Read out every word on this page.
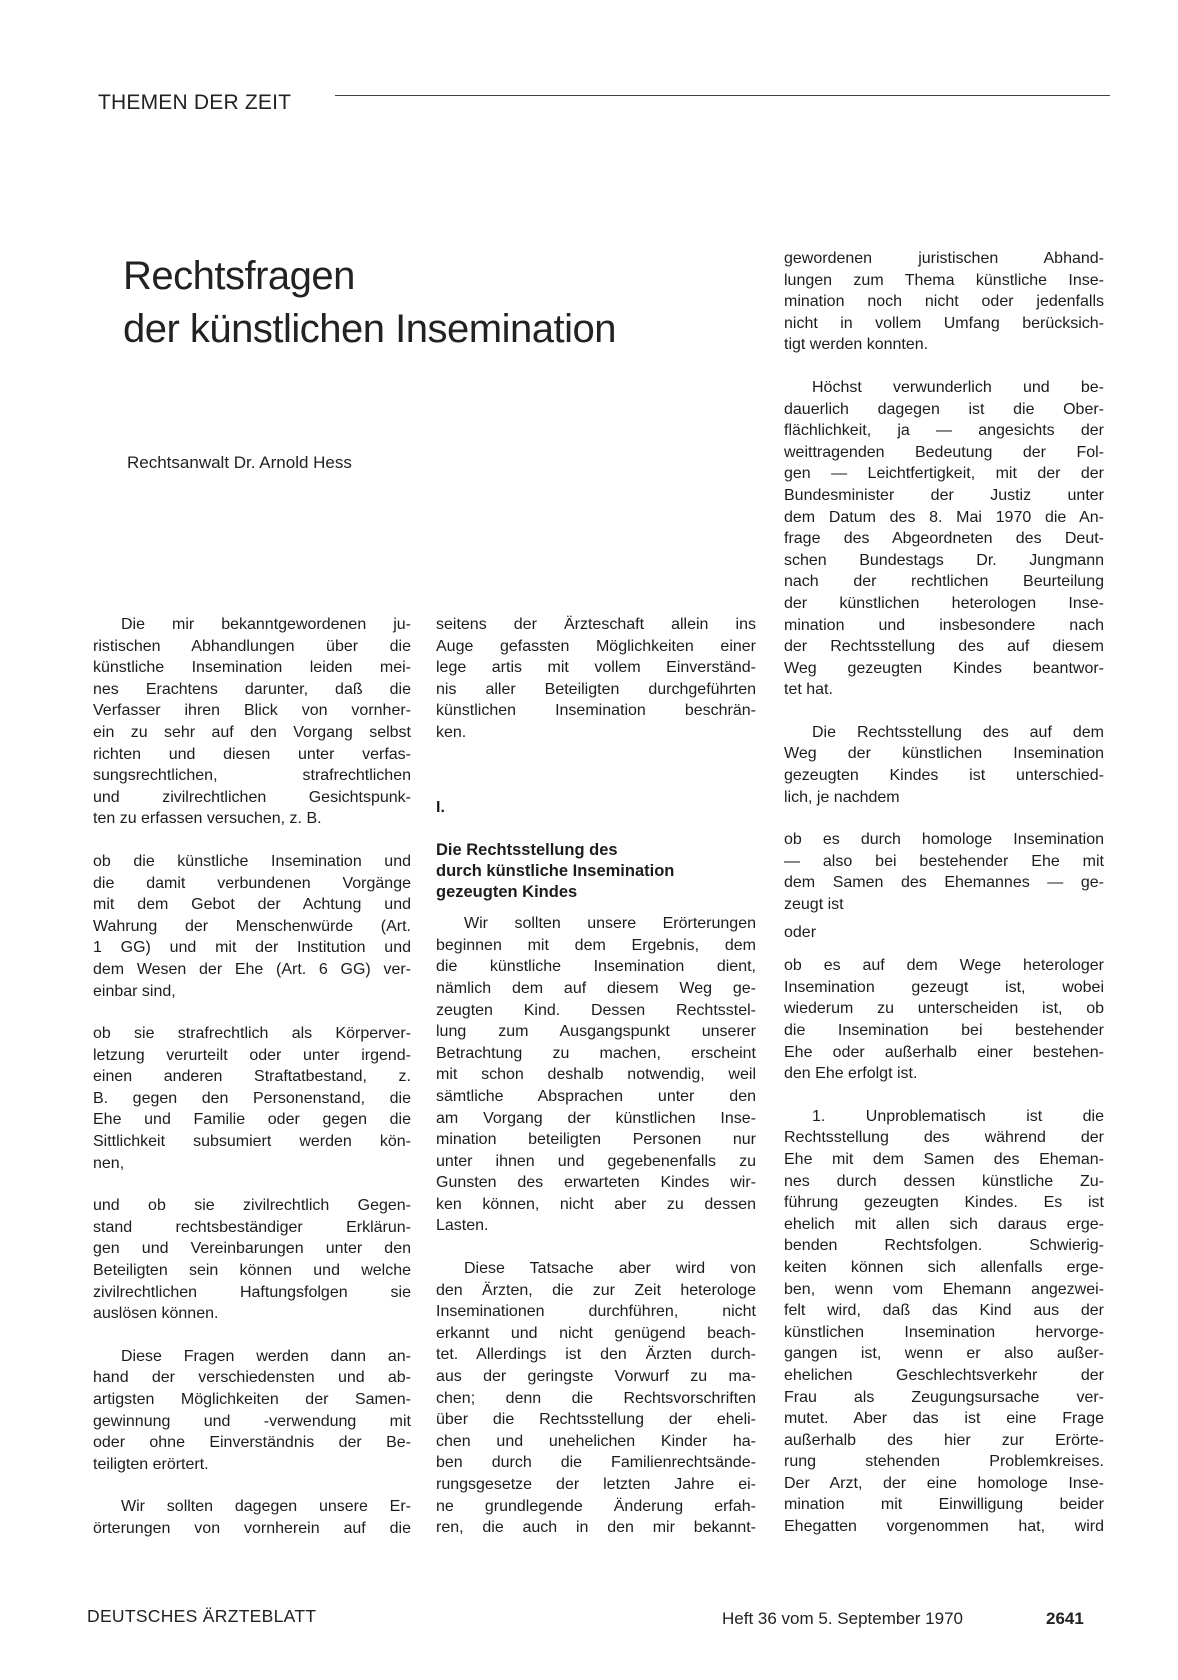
THEMEN DER ZEIT
Rechtsfragen
der künstlichen Insemination
Rechtsanwalt Dr. Arnold Hess
Die mir bekanntgewordenen ju-
ristischen Abhandlungen über die
künstliche Insemination leiden mei-
nes Erachtens darunter, daß die
Verfasser ihren Blick von vornher-
ein zu sehr auf den Vorgang selbst
richten und diesen unter verfas-
sungsrechtlichen, strafrechtlichen
und zivilrechtlichen Gesichtspunk-
ten zu erfassen versuchen, z. B.
ob die künstliche Insemination und
die damit verbundenen Vorgänge
mit dem Gebot der Achtung und
Wahrung der Menschenwürde (Art.
1 GG) und mit der Institution und
dem Wesen der Ehe (Art. 6 GG) ver-
einbar sind,
ob sie strafrechtlich als Körperver-
letzung verurteilt oder unter irgend-
einen anderen Straftatbestand, z.
B. gegen den Personenstand, die
Ehe und Familie oder gegen die
Sittlichkeit subsumiert werden kön-
nen,
und ob sie zivilrechtlich Gegen-
stand rechtsbeständiger Erklärun-
gen und Vereinbarungen unter den
Beteiligten sein können und welche
zivilrechtlichen Haftungsfolgen sie
auslösen können.
Diese Fragen werden dann an-
hand der verschiedensten und ab-
artigsten Möglichkeiten der Samen-
gewinnung und -verwendung mit
oder ohne Einverständnis der Be-
teiligten erörtert.
Wir sollten dagegen unsere Er-
örterungen von vornherein auf die
seitens der Ärzteschaft allein ins
Auge gefassten Möglichkeiten einer
lege artis mit vollem Einverständ-
nis aller Beteiligten durchgeführten
künstlichen Insemination beschrän-
ken.
I.
Die Rechtsstellung des
durch künstliche Insemination
gezeugten Kindes
Wir sollten unsere Erörterungen
beginnen mit dem Ergebnis, dem
die künstliche Insemination dient,
nämlich dem auf diesem Weg ge-
zeugten Kind. Dessen Rechtsstel-
lung zum Ausgangspunkt unserer
Betrachtung zu machen, erscheint
mit schon deshalb notwendig, weil
sämtliche Absprachen unter den
am Vorgang der künstlichen Inse-
mination beteiligten Personen nur
unter ihnen und gegebenenfalls zu
Gunsten des erwarteten Kindes wir-
ken können, nicht aber zu dessen
Lasten.
Diese Tatsache aber wird von
den Ärzten, die zur Zeit heterologe
Inseminationen durchführen, nicht
erkannt und nicht genügend beach-
tet. Allerdings ist den Ärzten durch-
aus der geringste Vorwurf zu ma-
chen; denn die Rechtsvorschriften
über die Rechtsstellung der eheli-
chen und unehelichen Kinder ha-
ben durch die Familienrechtsände-
rungsgesetze der letzten Jahre ei-
ne grundlegende Änderung erfah-
ren, die auch in den mir bekannt-
gewordenen juristischen Abhand-
lungen zum Thema künstliche Inse-
mination noch nicht oder jedenfalls
nicht in vollem Umfang berücksich-
tigt werden konnten.
Höchst verwunderlich und be-
dauerlich dagegen ist die Ober-
flächlichkeit, ja — angesichts der
weittragenden Bedeutung der Fol-
gen — Leichtfertigkeit, mit der der
Bundesminister der Justiz unter
dem Datum des 8. Mai 1970 die An-
frage des Abgeordneten des Deut-
schen Bundestags Dr. Jungmann
nach der rechtlichen Beurteilung
der künstlichen heterologen Inse-
mination und insbesondere nach
der Rechtsstellung des auf diesem
Weg gezeugten Kindes beantwor-
tet hat.
Die Rechtsstellung des auf dem
Weg der künstlichen Insemination
gezeugten Kindes ist unterschied-
lich, je nachdem
ob es durch homologe Insemination
— also bei bestehender Ehe mit
dem Samen des Ehemannes — ge-
zeugt ist
oder
ob es auf dem Wege heterologer
Insemination gezeugt ist, wobei
wiederum zu unterscheiden ist, ob
die Insemination bei bestehender
Ehe oder außerhalb einer bestehen-
den Ehe erfolgt ist.
1. Unproblematisch ist die
Rechtsstellung des während der
Ehe mit dem Samen des Eheman-
nes durch dessen künstliche Zu-
führung gezeugten Kindes. Es ist
ehelich mit allen sich daraus erge-
benden Rechtsfolgen. Schwierig-
keiten können sich allenfalls erge-
ben, wenn vom Ehemann angezwei-
felt wird, daß das Kind aus der
künstlichen Insemination hervorge-
gangen ist, wenn er also außer-
ehelichen Geschlechtsverkehr der
Frau als Zeugungsursache ver-
mutet. Aber das ist eine Frage
außerhalb des hier zur Erörte-
rung stehenden Problemkreises.
Der Arzt, der eine homologe Inse-
mination mit Einwilligung beider
Ehegatten vorgenommen hat, wird
DEUTSCHES ÄRZTEBLATT	Heft 36 vom 5. September 1970	2641
